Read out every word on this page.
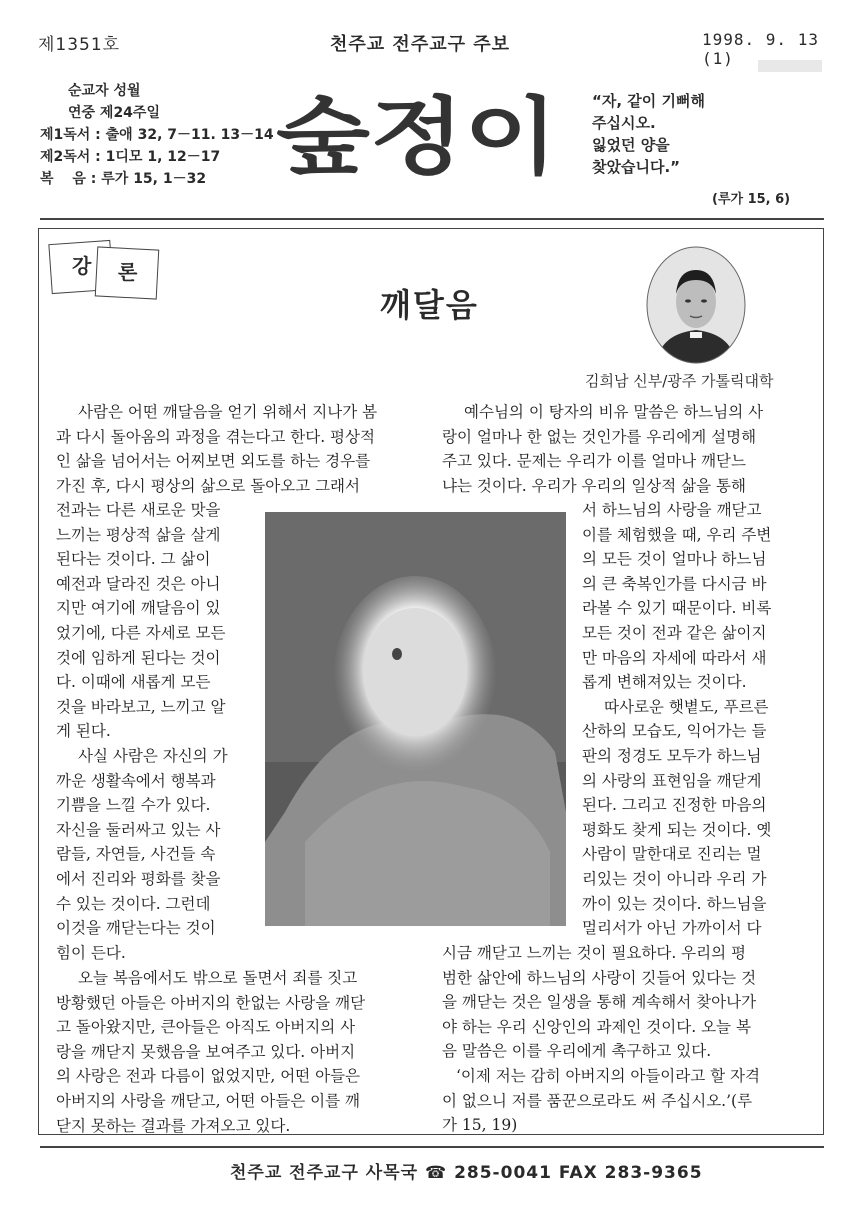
제1351호	천주교 전주교구 주보	1998. 9. 13 (1)
순교자 성월
연중 제24주일
제1독서 : 출애 32, 7－11. 13－14
제2독서 : 1디모 1, 12－17
복　 음 : 루가 15, 1－32 숲정이 “자, 같이 기뻐해
주십시오.
잃었던 양을
찾았습니다.”
(루가 15, 6)
강 론
깨달음
김희남 신부/광주 가톨릭대학

사람은 어떤 깨달음을 얻기 위해서 지나가 봄

과 다시 돌아옴의 과정을 겪는다고 한다. 평상적

인 삶을 넘어서는 어찌보면 외도를 하는 경우를

가진 후, 다시 평상의 삶으로 돌아오고 그래서

전과는 다른 새로운 맛을

느끼는 평상적 삶을 살게

된다는 것이다. 그 삶이

예전과 달라진 것은 아니

지만 여기에 깨달음이 있

었기에, 다른 자세로 모든

것에 임하게 된다는 것이

다. 이때에 새롭게 모든

것을 바라보고, 느끼고 알

게 된다.

사실 사람은 자신의 가

까운 생활속에서 행복과

기쁨을 느낄 수가 있다.

자신을 둘러싸고 있는 사

람들, 자연들, 사건들 속

에서 진리와 평화를 찾을

수 있는 것이다. 그런데

이것을 깨닫는다는 것이

힘이 든다.

오늘 복음에서도 밖으로 돌면서 죄를 짓고

방황했던 아들은 아버지의 한없는 사랑을 깨닫

고 돌아왔지만, 큰아들은 아직도 아버지의 사

랑을 깨닫지 못했음을 보여주고 있다. 아버지

의 사랑은 전과 다름이 없었지만, 어떤 아들은

아버지의 사랑을 깨닫고, 어떤 아들은 이를 깨

닫지 못하는 결과를 가져오고 있다.

예수님의 이 탕자의 비유 말씀은 하느님의 사

랑이 얼마나 한 없는 것인가를 우리에게 설명해

주고 있다. 문제는 우리가 이를 얼마나 깨닫느

냐는 것이다. 우리가 우리의 일상적 삶을 통해

서 하느님의 사랑을 깨닫고

이를 체험했을 때, 우리 주변

의 모든 것이 얼마나 하느님

의 큰 축복인가를 다시금 바

라볼 수 있기 때문이다. 비록

모든 것이 전과 같은 삶이지

만 마음의 자세에 따라서 새

롭게 변해져있는 것이다.

따사로운 햇볕도, 푸르른

산하의 모습도, 익어가는 들

판의 정경도 모두가 하느님

의 사랑의 표현임을 깨닫게

된다. 그리고 진정한 마음의

평화도 찾게 되는 것이다. 옛

사람이 말한대로 진리는 멀

리있는 것이 아니라 우리 가

까이 있는 것이다. 하느님을

멀리서가 아닌 가까이서 다

시금 깨닫고 느끼는 것이 필요하다. 우리의 평

범한 삶안에 하느님의 사랑이 깃들어 있다는 것

을 깨닫는 것은 일생을 통해 계속해서 찾아나가

야 하는 우리 신앙인의 과제인 것이다. 오늘 복

음 말씀은 이를 우리에게 촉구하고 있다.

‘이제 저는 감히 아버지의 아들이라고 할 자격

이 없으니 저를 품꾼으로라도 써 주십시오.’(루

가 15, 19)

천주교 전주교구 사목국 ☎ 285-0041 FAX 283-9365
